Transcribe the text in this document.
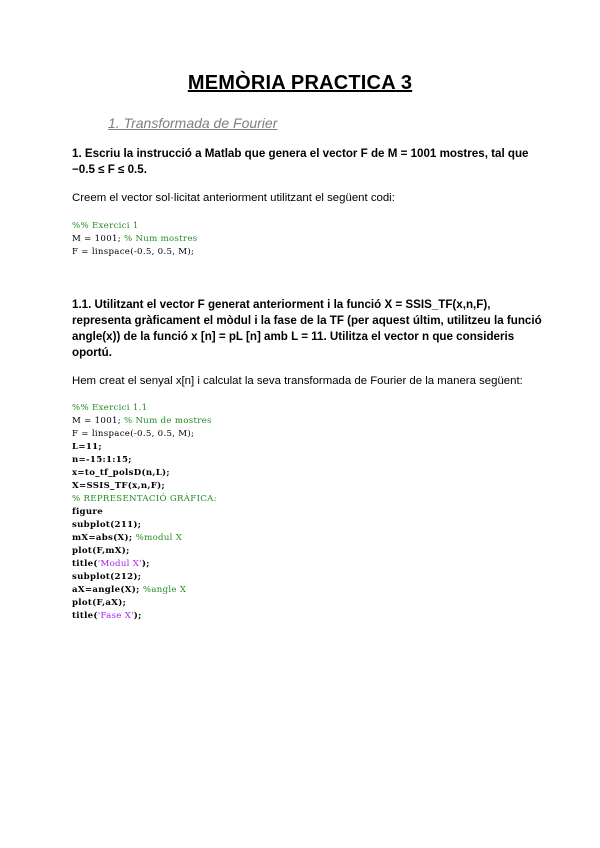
MEMÒRIA PRACTICA 3
1. Transformada de Fourier
1. Escriu la instrucció a Matlab que genera el vector F de M = 1001 mostres, tal que
−0.5 ≤ F ≤ 0.5.
Creem el vector sol·licitat anteriorment utilitzant el següent codi:
%% Exercici 1
M = 1001; % Num mostres
F = linspace(-0.5, 0.5, M);
1.1. Utilitzant el vector F generat anteriorment i la funció X = SSIS_TF(x,n,F),
representa gràficament el mòdul i la fase de la TF (per aquest últim, utilitzeu la funció
angle(x)) de la funció x [n] = pL [n] amb L = 11. Utilitza el vector n que consideris
oportú.
Hem creat el senyal x[n] i calculat la seva transformada de Fourier de la manera següent:
%% Exercici 1.1
M = 1001; % Num de mostres
F = linspace(-0.5, 0.5, M);
L=11;
n=-15:1:15;
x=to_tf_polsD(n,L);
X=SSIS_TF(x,n,F);
% REPRESENTACIÓ GRÀFICA:
figure
subplot(211);
mX=abs(X); %modul X
plot(F,mX);
title('Modul X');
subplot(212);
aX=angle(X); %angle X
plot(F,aX);
title('Fase X');
